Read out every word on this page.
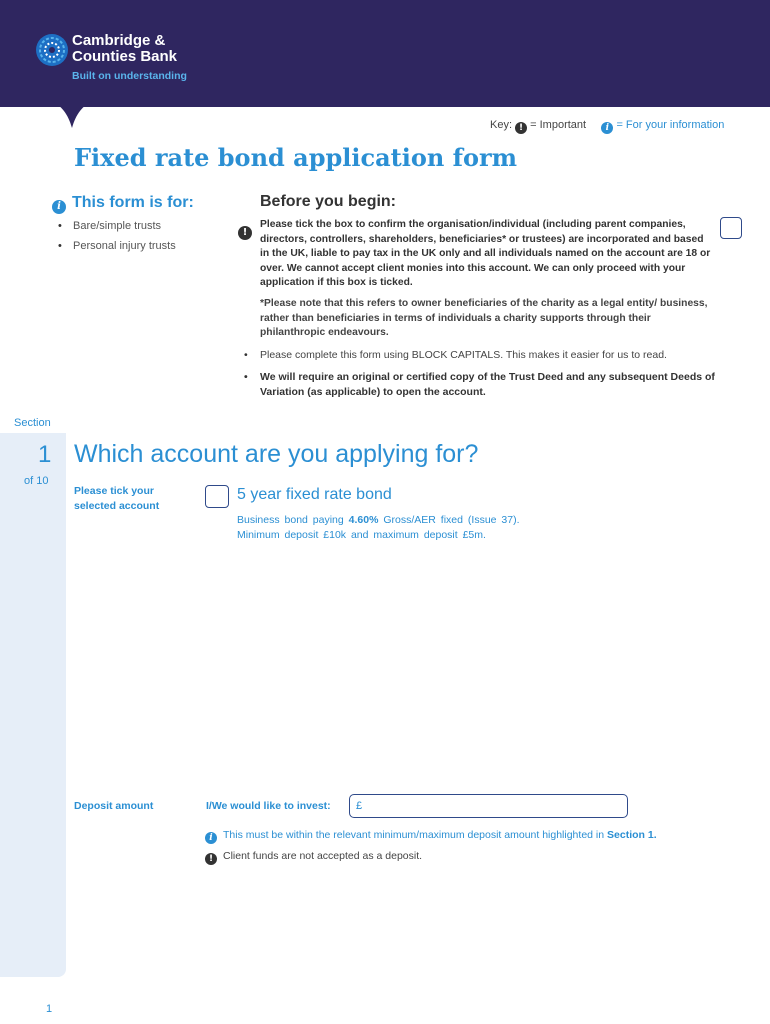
Cambridge &
Counties Bank
Built on understanding
Key: ! = Important i = For your information
Fixed rate bond application form
i This form is for:
• Bare/simple trusts
• Personal injury trusts
Before you begin:
!
Please tick the box to confirm the organisation/individual (including parent companies, directors, controllers, shareholders, beneficiaries* or trustees) are incorporated and based in the UK, liable to pay tax in the UK only and all individuals named on the account are 18 or over. We cannot accept client monies into this account. We can only proceed with your application if this box is ticked.
*Please note that this refers to owner beneficiaries of the charity as a legal entity/ business, rather than beneficiaries in terms of individuals a charity supports through their philanthropic endeavours.
• Please complete this form using BLOCK CAPITALS. This makes it easier for us to read.
• We will require an original or certified copy of the Trust Deed and any subsequent Deeds of Variation (as applicable) to open the account.
Section
1
of 10
Which account are you applying for?
Please tick your selected account
5 year fixed rate bond
Business bond paying 4.60% Gross/AER fixed (Issue 37).
Minimum deposit £10k and maximum deposit £5m.
Deposit amount	I/We would like to invest:	£
i This must be within the relevant minimum/maximum deposit amount highlighted in Section 1.
! Client funds are not accepted as a deposit.
1
